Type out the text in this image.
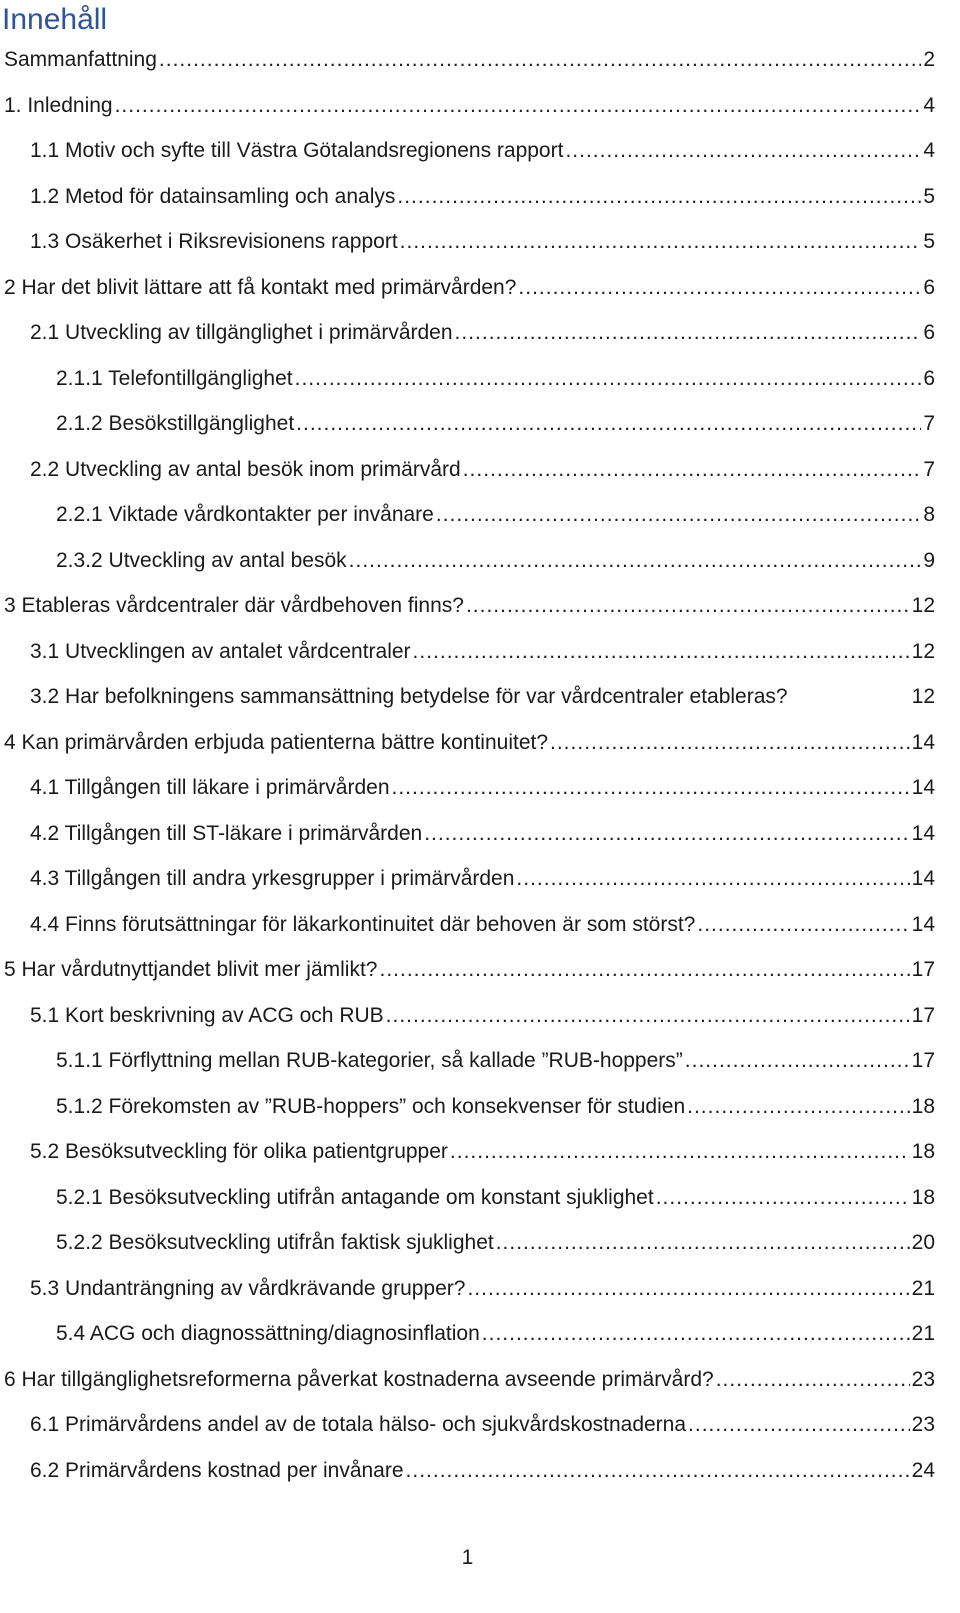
Innehåll
Sammanfattning .....	2
1. Inledning .....	4
1.1 Motiv och syfte till Västra Götalandsregionens rapport .....	4
1.2 Metod för datainsamling och analys .....	5
1.3 Osäkerhet i Riksrevisionens rapport .....	5
2 Har det blivit lättare att få kontakt med primärvården? .....	6
2.1 Utveckling av tillgänglighet i primärvården .....	6
2.1.1 Telefontillgänglighet .....	6
2.1.2 Besökstillgänglighet .....	7
2.2 Utveckling av antal besök inom primärvård .....	7
2.2.1 Viktade vårdkontakter per invånare .....	8
2.3.2 Utveckling av antal besök .....	9
3 Etableras vårdcentraler där vårdbehoven finns? .....	12
3.1 Utvecklingen av antalet vårdcentraler .....	12
3.2 Har befolkningens sammansättning betydelse för var vårdcentraler etableras?	12
4 Kan primärvården erbjuda patienterna bättre kontinuitet? .....	14
4.1 Tillgången till läkare i primärvården .....	14
4.2 Tillgången till ST-läkare i primärvården .....	14
4.3 Tillgången till andra yrkesgrupper i primärvården .....	14
4.4 Finns förutsättningar för läkarkontinuitet där behoven är som störst? .....	14
5 Har vårdutnyttjandet blivit mer jämlikt? .....	17
5.1 Kort beskrivning av ACG och RUB .....	17
5.1.1 Förflyttning mellan RUB-kategorier, så kallade ”RUB-hoppers” .....	17
5.1.2 Förekomsten av ”RUB-hoppers” och konsekvenser för studien .....	18
5.2 Besöksutveckling för olika patientgrupper .....	18
5.2.1 Besöksutveckling utifrån antagande om konstant sjuklighet .....	18
5.2.2 Besöksutveckling utifrån faktisk sjuklighet .....	20
5.3 Undanträngning av vårdkrävande grupper? .....	21
5.4 ACG och diagnossättning/diagnosinflation .....	21
6 Har tillgänglighetsreformerna påverkat kostnaderna avseende primärvård? .....	23
6.1 Primärvårdens andel av de totala hälso- och sjukvårdskostnaderna .....	23
6.2 Primärvårdens kostnad per invånare .....	24
1
